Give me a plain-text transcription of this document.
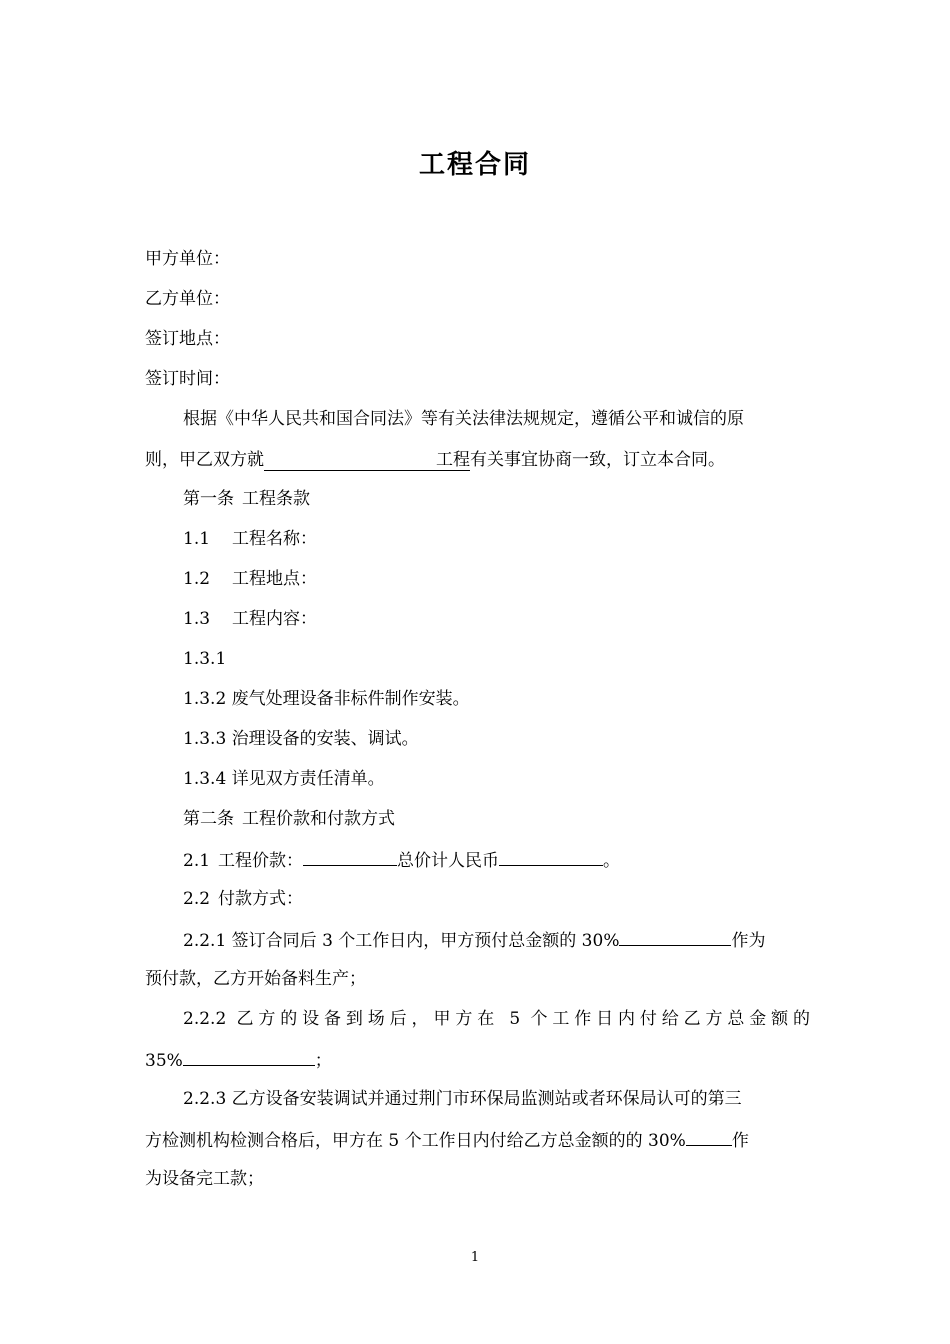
工程合同
甲方单位：
乙方单位：
签订地点：
签订时间：
根据《中华人民共和国合同法》等有关法律法规规定，遵循公平和诚信的原
则，甲乙双方就	工程有关事宜协商一致，订立本合同。
第一条 工程条款
1.1 工程名称：
1.2 工程地点：
1.3 工程内容：
1.3.1
1.3.2 废气处理设备非标件制作安装。
1.3.3 治理设备的安装、调试。
1.3.4 详见双方责任清单。
第二条 工程价款和付款方式
2.1 工程价款：	总价计人民币	。
2.2 付款方式：
2.2.1 签订合同后 3 个工作日内，甲方预付总金额的 30%	作为
预付款，乙方开始备料生产；
2.2.2 乙方的设备到场后，甲方在 5 个工作日内付给乙方总金额的
35%	；
2.2.3 乙方设备安装调试并通过荆门市环保局监测站或者环保局认可的第三
方检测机构检测合格后，甲方在 5 个工作日内付给乙方总金额的的 30%	作
为设备完工款；
1
